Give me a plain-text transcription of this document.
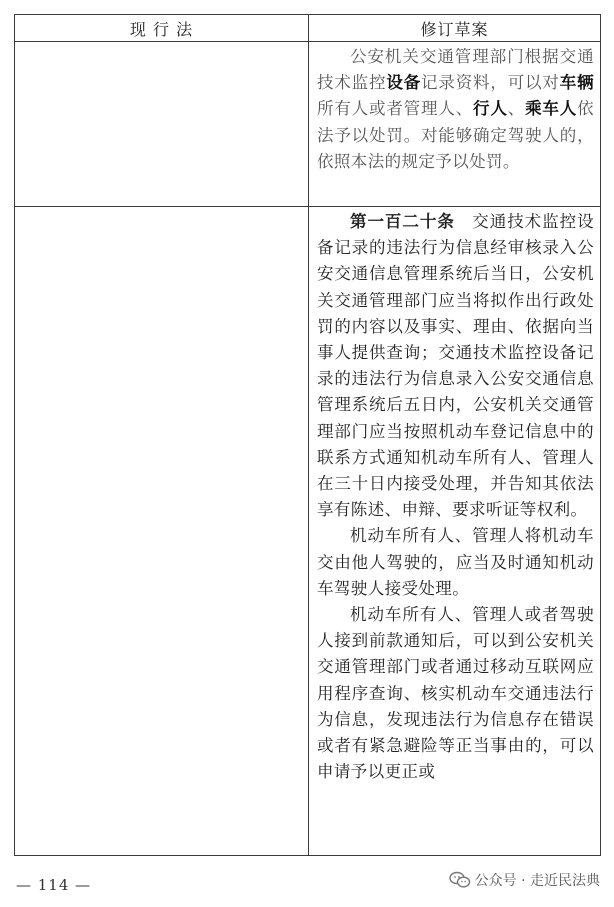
现 行 法	修订草案

	公安机关交通管理部门根据交通技术监控设备记录资料，可以对车辆所有人或者管理人、行人、乘车人依法予以处罚。对能够确定驾驶人的，依照本法的规定予以处罚。

	第一百二十条　交通技术监控设备记录的违法行为信息经审核录入公安交通信息管理系统后当日，公安机关交通管理部门应当将拟作出行政处罚的内容以及事实、理由、依据向当事人提供查询；交通技术监控设备记录的违法行为信息录入公安交通信息管理系统后五日内，公安机关交通管理部门应当按照机动车登记信息中的联系方式通知机动车所有人、管理人在三十日内接受处理，并告知其依法享有陈述、申辩、要求听证等权利。

机动车所有人、管理人将机动车交由他人驾驶的，应当及时通知机动车驾驶人接受处理。

机动车所有人、管理人或者驾驶人接到前款通知后，可以到公安机关交通管理部门或者通过移动互联网应用程序查询、核实机动车交通违法行为信息，发现违法行为信息存在错误或者有紧急避险等正当事由的，可以申请予以更正或

— 114 —	公众号 · 走近民法典
